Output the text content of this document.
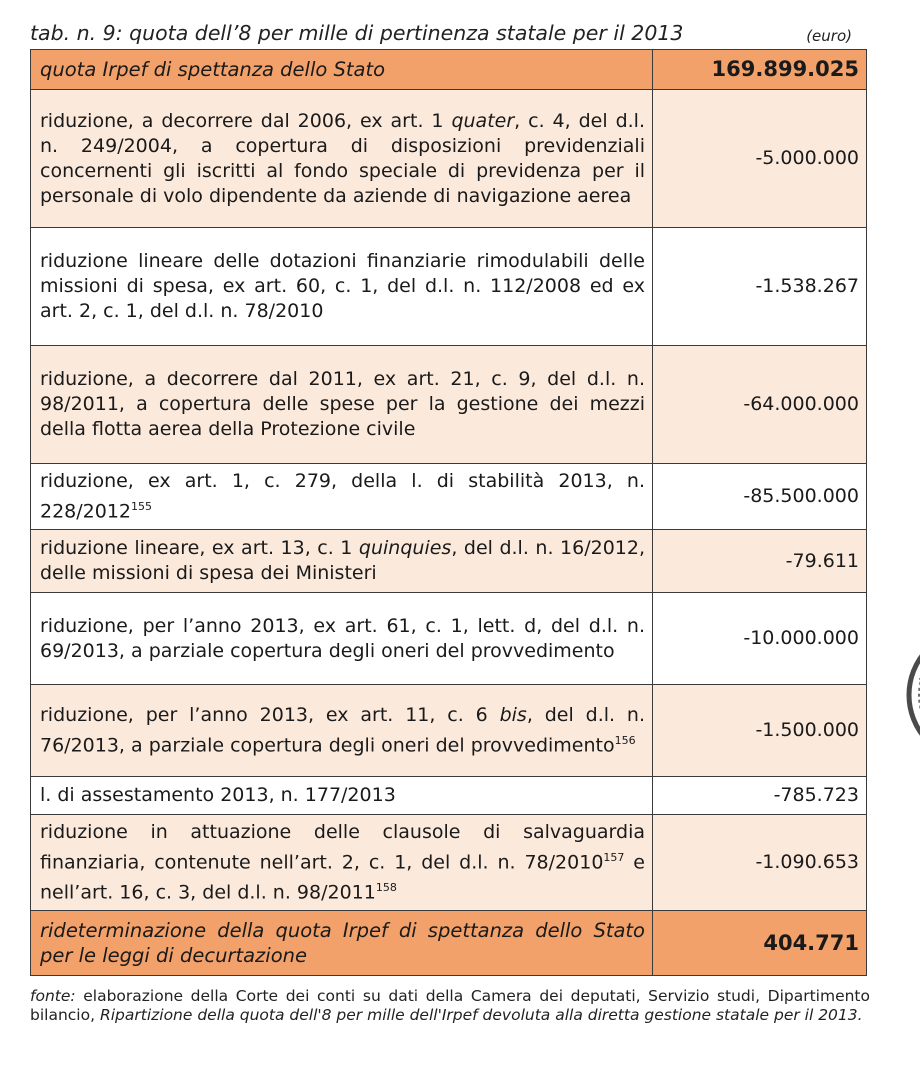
tab. n. 9: quota dell’8 per mille di pertinenza statale per il 2013	(euro)
quota Irpef di spettanza dello Stato	169.899.025
riduzione, a decorrere dal 2006, ex art. 1 quater, c. 4, del d.l. n. 249/2004, a copertura di disposizioni previdenziali concernenti gli iscritti al fondo speciale di previdenza per il personale di volo dipendente da aziende di navigazione aerea	-5.000.000
riduzione lineare delle dotazioni finanziarie rimodulabili delle missioni di spesa, ex art. 60, c. 1, del d.l. n. 112/2008 ed ex art. 2, c. 1, del d.l. n. 78/2010	-1.538.267
riduzione, a decorrere dal 2011, ex art. 21, c. 9, del d.l. n. 98/2011, a copertura delle spese per la gestione dei mezzi della flotta aerea della Protezione civile	-64.000.000
riduzione, ex art. 1, c. 279, della l. di stabilità 2013, n. 228/2012$^{155}$	-85.500.000
riduzione lineare, ex art. 13, c. 1 quinquies, del d.l. n. 16/2012, delle missioni di spesa dei Ministeri	-79.611
riduzione, per l’anno 2013, ex art. 61, c. 1, lett. d, del d.l. n. 69/2013, a parziale copertura degli oneri del provvedimento	-10.000.000
riduzione, per l’anno 2013, ex art. 11, c. 6 bis, del d.l. n. 76/2013, a parziale copertura degli oneri del provvedimento$^{156}$	-1.500.000
l. di assestamento 2013, n. 177/2013	-785.723
riduzione in attuazione delle clausole di salvaguardia finanziaria, contenute nell’art. 2, c. 1, del d.l. n. 78/2010$^{157}$ e nell’art. 16, c. 3, del d.l. n. 98/2011$^{158}$	-1.090.653
rideterminazione della quota Irpef di spettanza dello Stato per le leggi di decurtazione	404.771
fonte: elaborazione della Corte dei conti su dati della Camera dei deputati, Servizio studi, Dipartimento bilancio, Ripartizione della quota dell'8 per mille dell'Irpef devoluta alla diretta gestione statale per il 2013.
